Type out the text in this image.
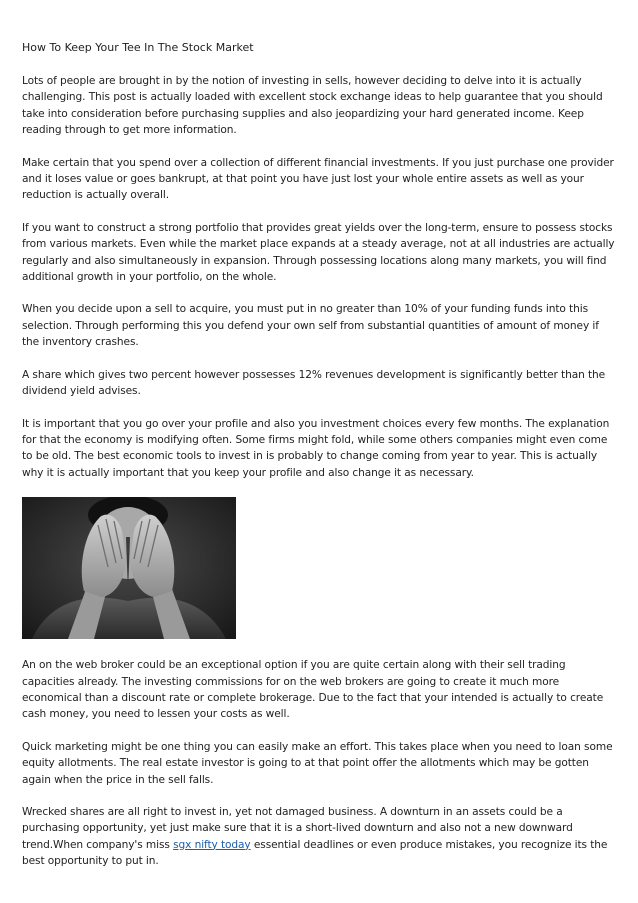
How To Keep Your Tee In The Stock Market

Lots of people are brought in by the notion of investing in sells, however deciding to delve into it is actually challenging. This post is actually loaded with excellent stock exchange ideas to help guarantee that you should take into consideration before purchasing supplies and also jeopardizing your hard generated income. Keep reading through to get more information.

Make certain that you spend over a collection of different financial investments. If you just purchase one provider and it loses value or goes bankrupt, at that point you have just lost your whole entire assets as well as your reduction is actually overall.

If you want to construct a strong portfolio that provides great yields over the long-term, ensure to possess stocks from various markets. Even while the market place expands at a steady average, not at all industries are actually regularly and also simultaneously in expansion. Through possessing locations along many markets, you will find additional growth in your portfolio, on the whole.

When you decide upon a sell to acquire, you must put in no greater than 10% of your funding funds into this selection. Through performing this you defend your own self from substantial quantities of amount of money if the inventory crashes.

A share which gives two percent however possesses 12% revenues development is significantly better than the dividend yield advises.

It is important that you go over your profile and also you investment choices every few months. The explanation for that the economy is modifying often. Some firms might fold, while some others companies might even come to be old. The best economic tools to invest in is probably to change coming from year to year. This is actually why it is actually important that you keep your profile and also change it as necessary.

An on the web broker could be an exceptional option if you are quite certain along with their sell trading capacities already. The investing commissions for on the web brokers are going to create it much more economical than a discount rate or complete brokerage. Due to the fact that your intended is actually to create cash money, you need to lessen your costs as well.

Quick marketing might be one thing you can easily make an effort. This takes place when you need to loan some equity allotments. The real estate investor is going to at that point offer the allotments which may be gotten again when the price in the sell falls.

Wrecked shares are all right to invest in, yet not damaged business. A downturn in an assets could be a purchasing opportunity, yet just make sure that it is a short-lived downturn and also not a new downward trend.When company's miss sgx nifty today essential deadlines or even produce mistakes, you recognize its the best opportunity to put in.
